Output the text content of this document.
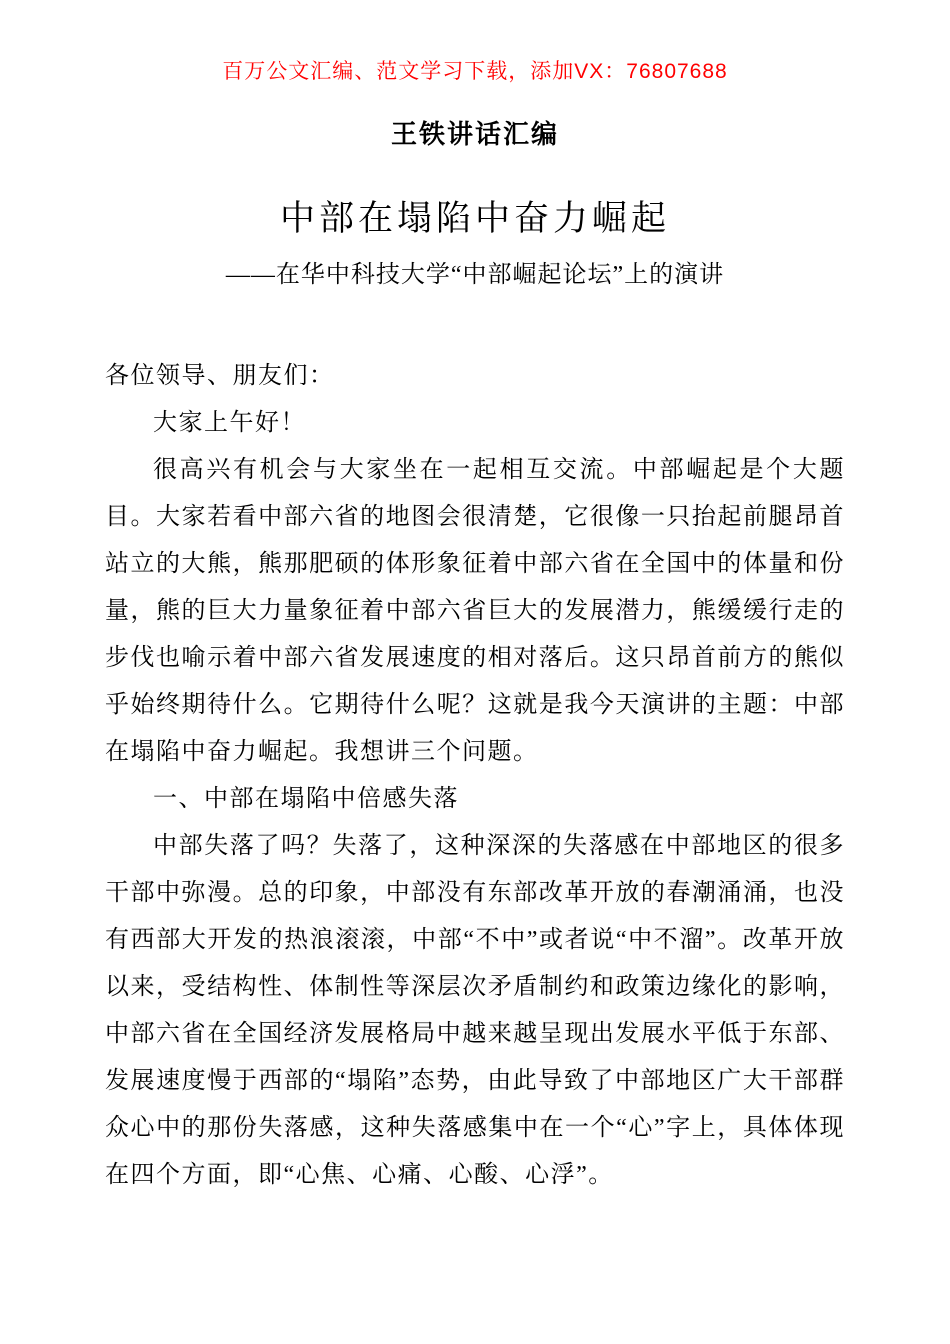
百万公文汇编、范文学习下载，添加VX：76807688
王铁讲话汇编
中部在塌陷中奋力崛起
——在华中科技大学“中部崛起论坛”上的演讲

各位领导、朋友们：

大家上午好！

很高兴有机会与大家坐在一起相互交流。中部崛起是个大题目。大家若看中部六省的地图会很清楚，它很像一只抬起前腿昂首站立的大熊，熊那肥硕的体形象征着中部六省在全国中的体量和份量，熊的巨大力量象征着中部六省巨大的发展潜力，熊缓缓行走的步伐也喻示着中部六省发展速度的相对落后。这只昂首前方的熊似乎始终期待什么。它期待什么呢？这就是我今天演讲的主题：中部在塌陷中奋力崛起。我想讲三个问题。

一、中部在塌陷中倍感失落

中部失落了吗？失落了，这种深深的失落感在中部地区的很多干部中弥漫。总的印象，中部没有东部改革开放的春潮涌涌，也没有西部大开发的热浪滚滚，中部“不中”或者说“中不溜”。改革开放以来，受结构性、体制性等深层次矛盾制约和政策边缘化的影响，中部六省在全国经济发展格局中越来越呈现出发展水平低于东部、发展速度慢于西部的“塌陷”态势，由此导致了中部地区广大干部群众心中的那份失落感，这种失落感集中在一个“心”字上，具体体现在四个方面，即“心焦、心痛、心酸、心浮”。
